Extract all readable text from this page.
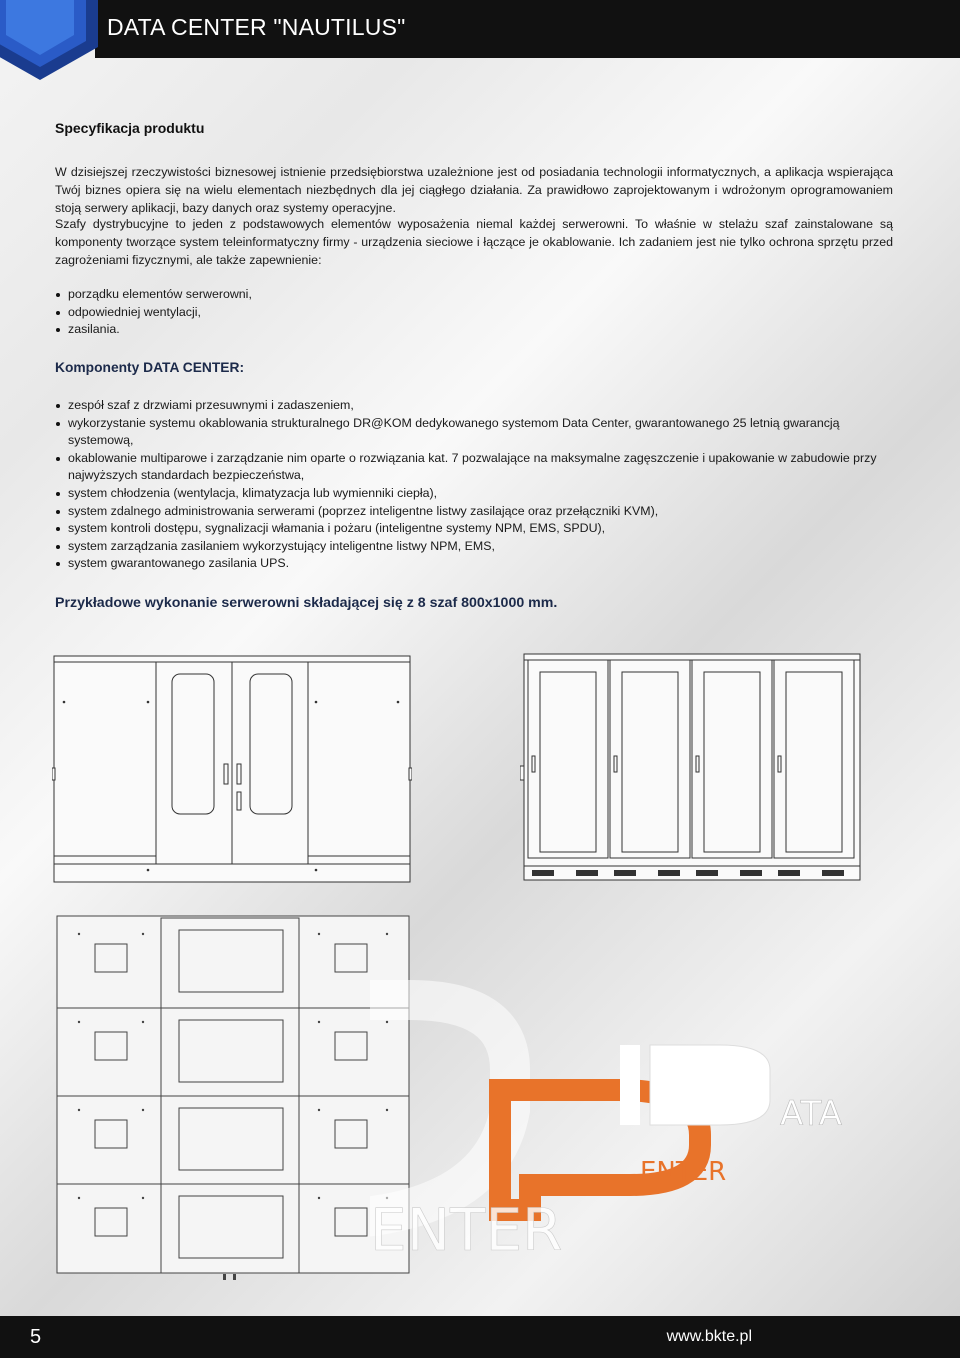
DATA CENTER "NAUTILUS"
Specyfikacja produktu

W dzisiejszej rzeczywistości biznesowej istnienie przedsiębiorstwa uzależnione jest od posiadania technologii informatycznych, a aplikacja wspierająca Twój biznes opiera się na wielu elementach niezbędnych dla jej ciągłego działania. Za prawidłowo zaprojektowanym i wdrożonym oprogramowaniem stoją serwery aplikacji, bazy danych oraz systemy operacyjne.

Szafy dystrybucyjne to jeden z podstawowych elementów wyposażenia niemal każdej serwerowni. To właśnie w stelażu szaf zainstalowane są komponenty tworzące system teleinformatyczny firmy - urządzenia sieciowe i łączące je okablowanie. Ich zadaniem jest nie tylko ochrona sprzętu przed zagrożeniami fizycznymi, ale także zapewnienie:

porządku elementów serwerowni,
odpowiedniej wentylacji,
zasilania.
Komponenty DATA CENTER:
zespół szaf z drzwiami przesuwnymi i zadaszeniem,
wykorzystanie systemu okablowania strukturalnego DR@KOM dedykowanego systemom Data Center, gwarantowanego 25 letnią gwarancją systemową,
okablowanie multiparowe i zarządzanie nim oparte o rozwiązania kat. 7 pozwalające na maksymalne zagęszczenie i upakowanie w zabudowie przy najwyższych standardach bezpieczeństwa,
system chłodzenia (wentylacja, klimatyzacja lub wymienniki ciepła),
system zdalnego administrowania serwerami (poprzez inteligentne listwy zasilające oraz przełączniki KVM),
system kontroli dostępu, sygnalizacji włamania i pożaru (inteligentne systemy NPM, EMS, SPDU),
system zarządzania zasilaniem wykorzystujący inteligentne listwy NPM, EMS,
system gwarantowanego zasilania UPS.
Przykładowe wykonanie serwerowni składającej się z 8 szaf 800x1000 mm.
ATA
ENTER
ENTER
5	www.bkte.pl
